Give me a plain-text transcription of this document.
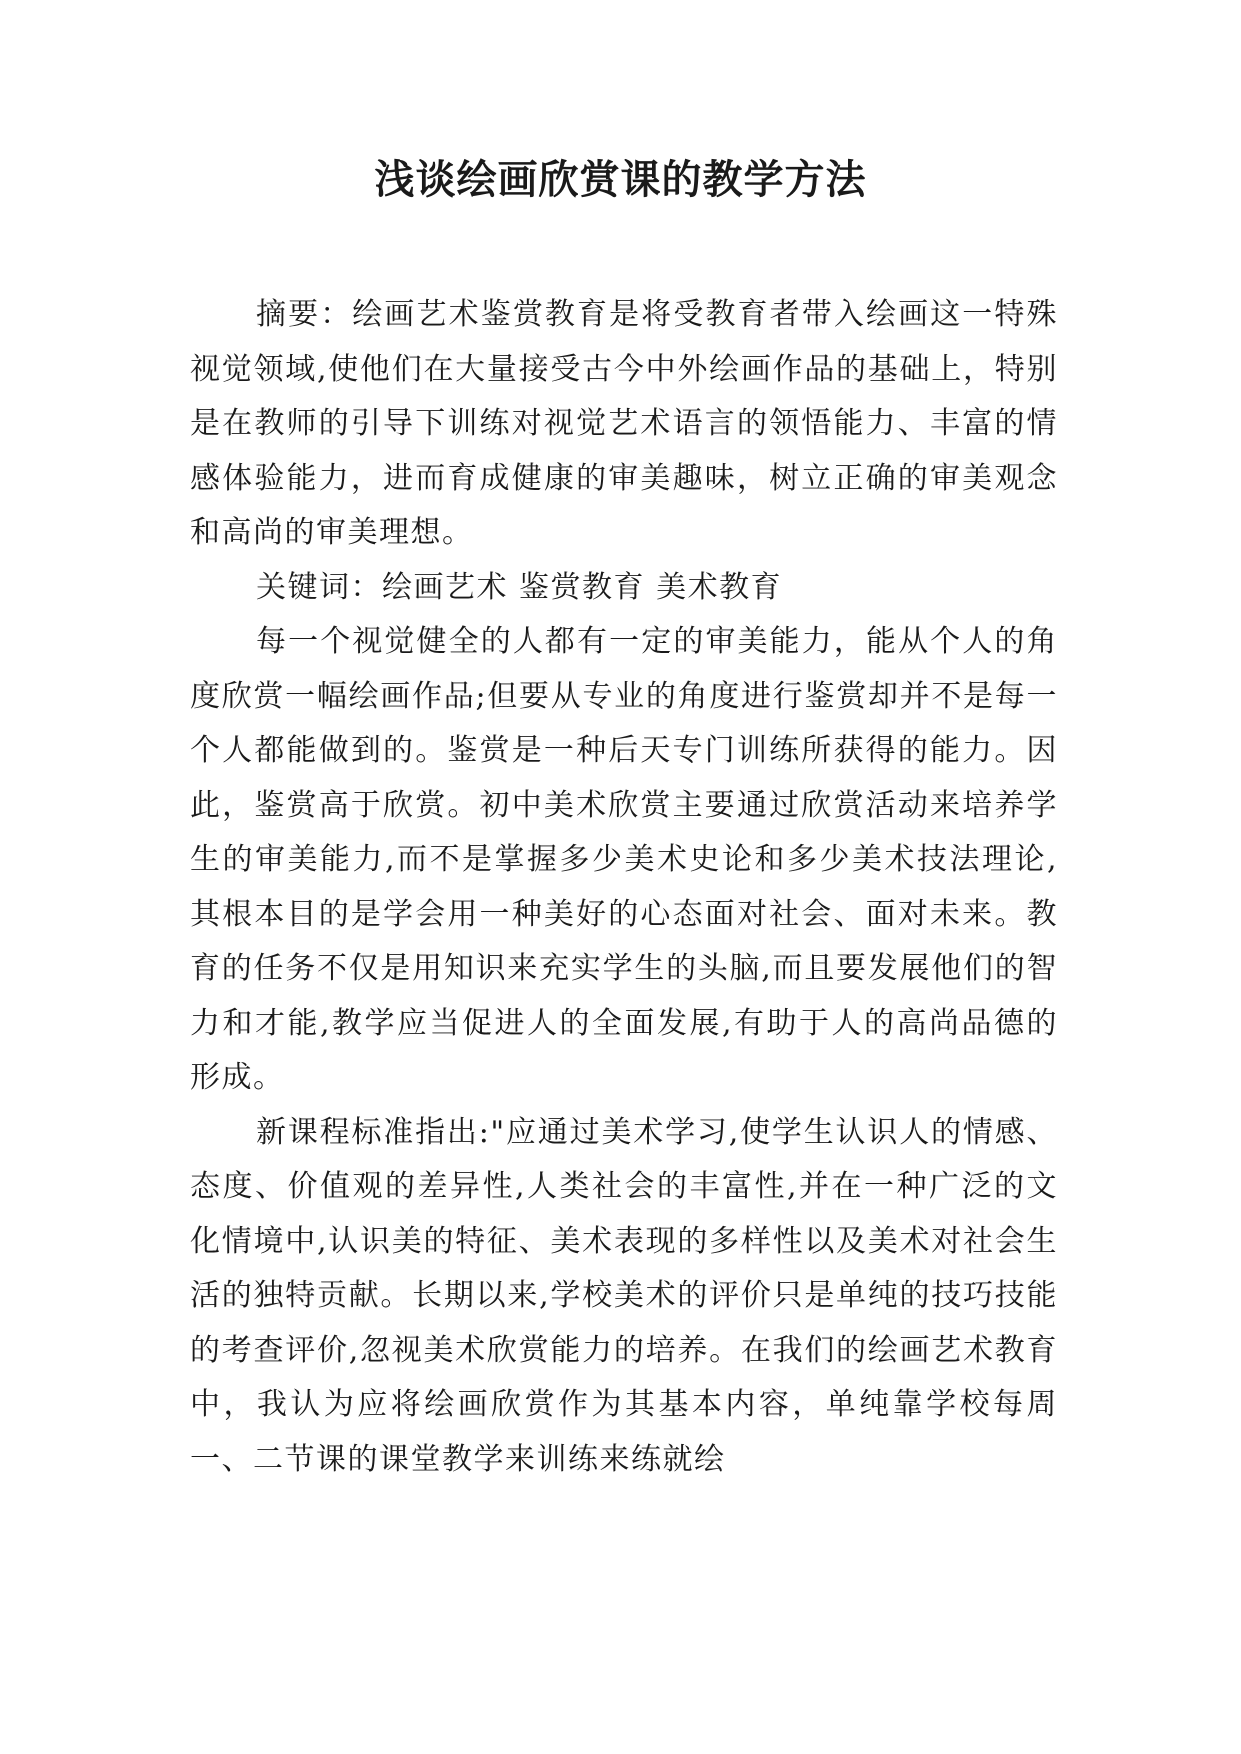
浅谈绘画欣赏课的教学方法

摘要：绘画艺术鉴赏教育是将受教育者带入绘画这一特殊视觉领域,使他们在大量接受古今中外绘画作品的基础上，特别是在教师的引导下训练对视觉艺术语言的领悟能力、丰富的情感体验能力，进而育成健康的审美趣味，树立正确的审美观念和高尚的审美理想。

关键词：绘画艺术 鉴赏教育 美术教育

每一个视觉健全的人都有一定的审美能力，能从个人的角度欣赏一幅绘画作品;但要从专业的角度进行鉴赏却并不是每一个人都能做到的。鉴赏是一种后天专门训练所获得的能力。因此，鉴赏高于欣赏。初中美术欣赏主要通过欣赏活动来培养学生的审美能力,而不是掌握多少美术史论和多少美术技法理论,其根本目的是学会用一种美好的心态面对社会、面对未来。教育的任务不仅是用知识来充实学生的头脑,而且要发展他们的智力和才能,教学应当促进人的全面发展,有助于人的高尚品德的形成。

新课程标准指出:"应通过美术学习,使学生认识人的情感、态度、价值观的差异性,人类社会的丰富性,并在一种广泛的文化情境中,认识美的特征、美术表现的多样性以及美术对社会生活的独特贡献。长期以来,学校美术的评价只是单纯的技巧技能的考查评价,忽视美术欣赏能力的培养。在我们的绘画艺术教育中，我认为应将绘画欣赏作为其基本内容，单纯靠学校每周一、二节课的课堂教学来训练来练就绘
